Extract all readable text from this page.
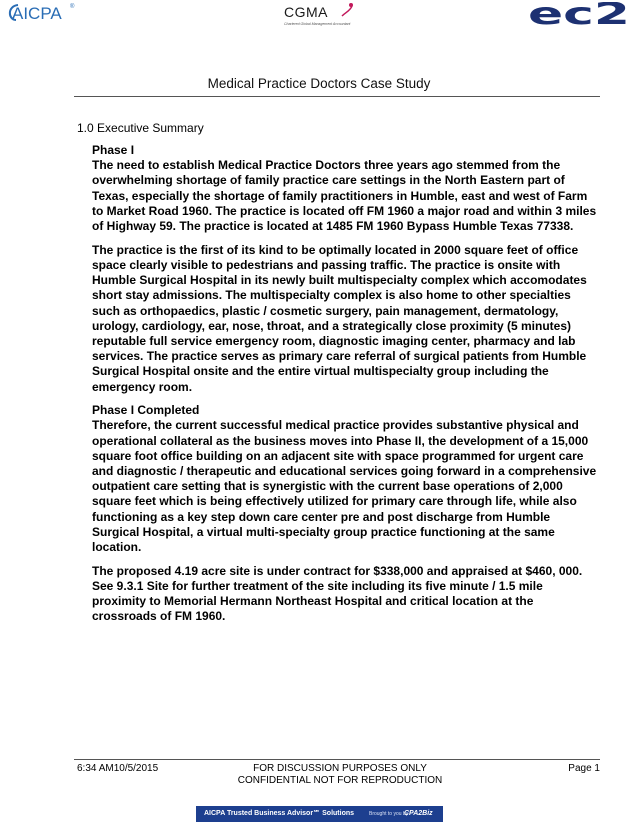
AICPA ®	CGMA
Chartered Global Management Accountant	ec2
Medical Practice Doctors Case Study
1.0 Executive Summary

Phase I
The need to establish Medical Practice Doctors three years ago stemmed from the overwhelming shortage of family practice care settings in the North Eastern part of Texas, especially the shortage of family practitioners in Humble, east and west of Farm to Market Road 1960. The practice is located off FM 1960 a major road and within 3 miles of Highway 59. The practice is located at 1485 FM 1960 Bypass Humble Texas 77338.

The practice is the first of its kind to be optimally located in 2000 square feet of office space clearly visible to pedestrians and passing traffic. The practice is onsite with Humble Surgical Hospital in its newly built multispecialty complex which accomodates short stay admissions. The multispecialty complex is also home to other specialties such as orthopaedics, plastic / cosmetic surgery, pain management, dermatology, urology, cardiology, ear, nose, throat, and a strategically close proximity (5 minutes) reputable full service emergency room, diagnostic imaging center, pharmacy and lab services. The practice serves as primary care referral of surgical patients from Humble Surgical Hospital onsite and the entire virtual multispecialty group including the emergency room.

Phase I Completed
Therefore, the current successful medical practice provides substantive physical and operational collateral as the business moves into Phase II, the development of a 15,000 square foot office building on an adjacent site with space programmed for urgent care and diagnostic / therapeutic and educational services going forward in a comprehensive outpatient care setting that is synergistic with the current base operations of 2,000 square feet which is being effectively utilized for primary care through life, while also functioning as a key step down care center pre and post discharge from Humble Surgical Hospital, a virtual multi-specialty group practice functioning at the same location.

The proposed 4.19 acre site is under contract for $338,000 and appraised at $460, 000. See 9.3.1 Site for further treatment of the site including its five minute / 1.5 mile proximity to Memorial Hermann Northeast Hospital and critical location at the crossroads of FM 1960.

6:34 AM10/5/2015	FOR DISCUSSION PURPOSES ONLY
CONFIDENTIAL NOT FOR REPRODUCTION
Page 1
AICPA Trusted Business Advisor℠ Solutions	Brought to you by
CPA2Biz
